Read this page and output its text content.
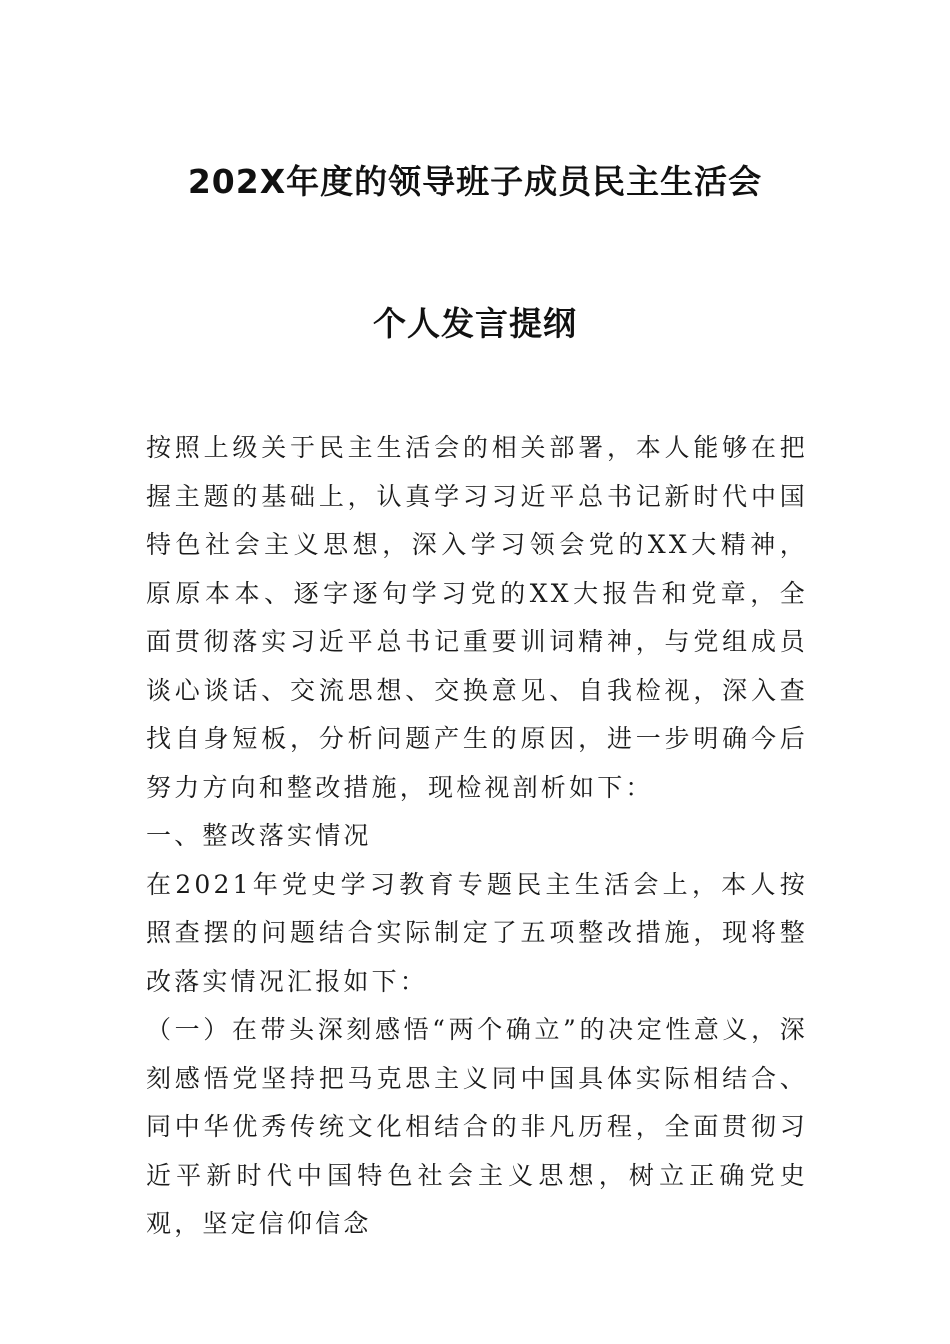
202X年度的领导班子成员民主生活会
个人发言提纲

按照上级关于民主生活会的相关部署，本人能够在把握主题的基础上，认真学习习近平总书记新时代中国特色社会主义思想，深入学习领会党的XX大精神，原原本本、逐字逐句学习党的XX大报告和党章，全面贯彻落实习近平总书记重要训词精神，与党组成员谈心谈话、交流思想、交换意见、自我检视，深入查找自身短板，分析问题产生的原因，进一步明确今后努力方向和整改措施，现检视剖析如下：

一、整改落实情况

在2021年党史学习教育专题民主生活会上，本人按照查摆的问题结合实际制定了五项整改措施，现将整改落实情况汇报如下：

（一）在带头深刻感悟“两个确立”的决定性意义，深刻感悟党坚持把马克思主义同中国具体实际相结合、同中华优秀传统文化相结合的非凡历程，全面贯彻习近平新时代中国特色社会主义思想，树立正确党史观，坚定信仰信念
